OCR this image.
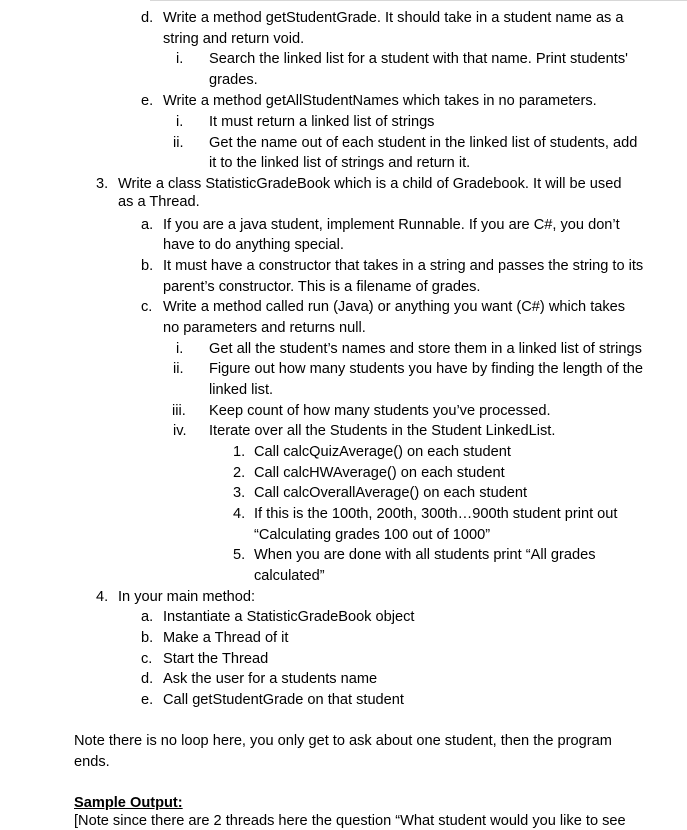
d. Write a method getStudentGrade. It should take in a student name as a
string and return void.
i. Search the linked list for a student with that name. Print students'
grades.
e. Write a method getAllStudentNames which takes in no parameters.
i. It must return a linked list of strings
ii. Get the name out of each student in the linked list of students, add
it to the linked list of strings and return it.
3. Write a class StatisticGradeBook which is a child of Gradebook. It will be used
as a Thread.
a. If you are a java student, implement Runnable. If you are C#, you don’t
have to do anything special.
b. It must have a constructor that takes in a string and passes the string to its
parent’s constructor. This is a filename of grades.
c. Write a method called run (Java) or anything you want (C#) which takes
no parameters and returns null.
i. Get all the student’s names and store them in a linked list of strings
ii. Figure out how many students you have by finding the length of the
linked list.
iii. Keep count of how many students you’ve processed.
iv. Iterate over all the Students in the Student LinkedList.
1. Call calcQuizAverage() on each student
2. Call calcHWAverage() on each student
3. Call calcOverallAverage() on each student
4. If this is the 100th, 200th, 300th…900th student print out
“Calculating grades 100 out of 1000”
5. When you are done with all students print “All grades
calculated”
4. In your main method:
a. Instantiate a StatisticGradeBook object
b. Make a Thread of it
c. Start the Thread
d. Ask the user for a students name
e. Call getStudentGrade on that student
Note there is no loop here, you only get to ask about one student, then the program
ends.
Sample Output:
[Note since there are 2 threads here the question “What student would you like to see
